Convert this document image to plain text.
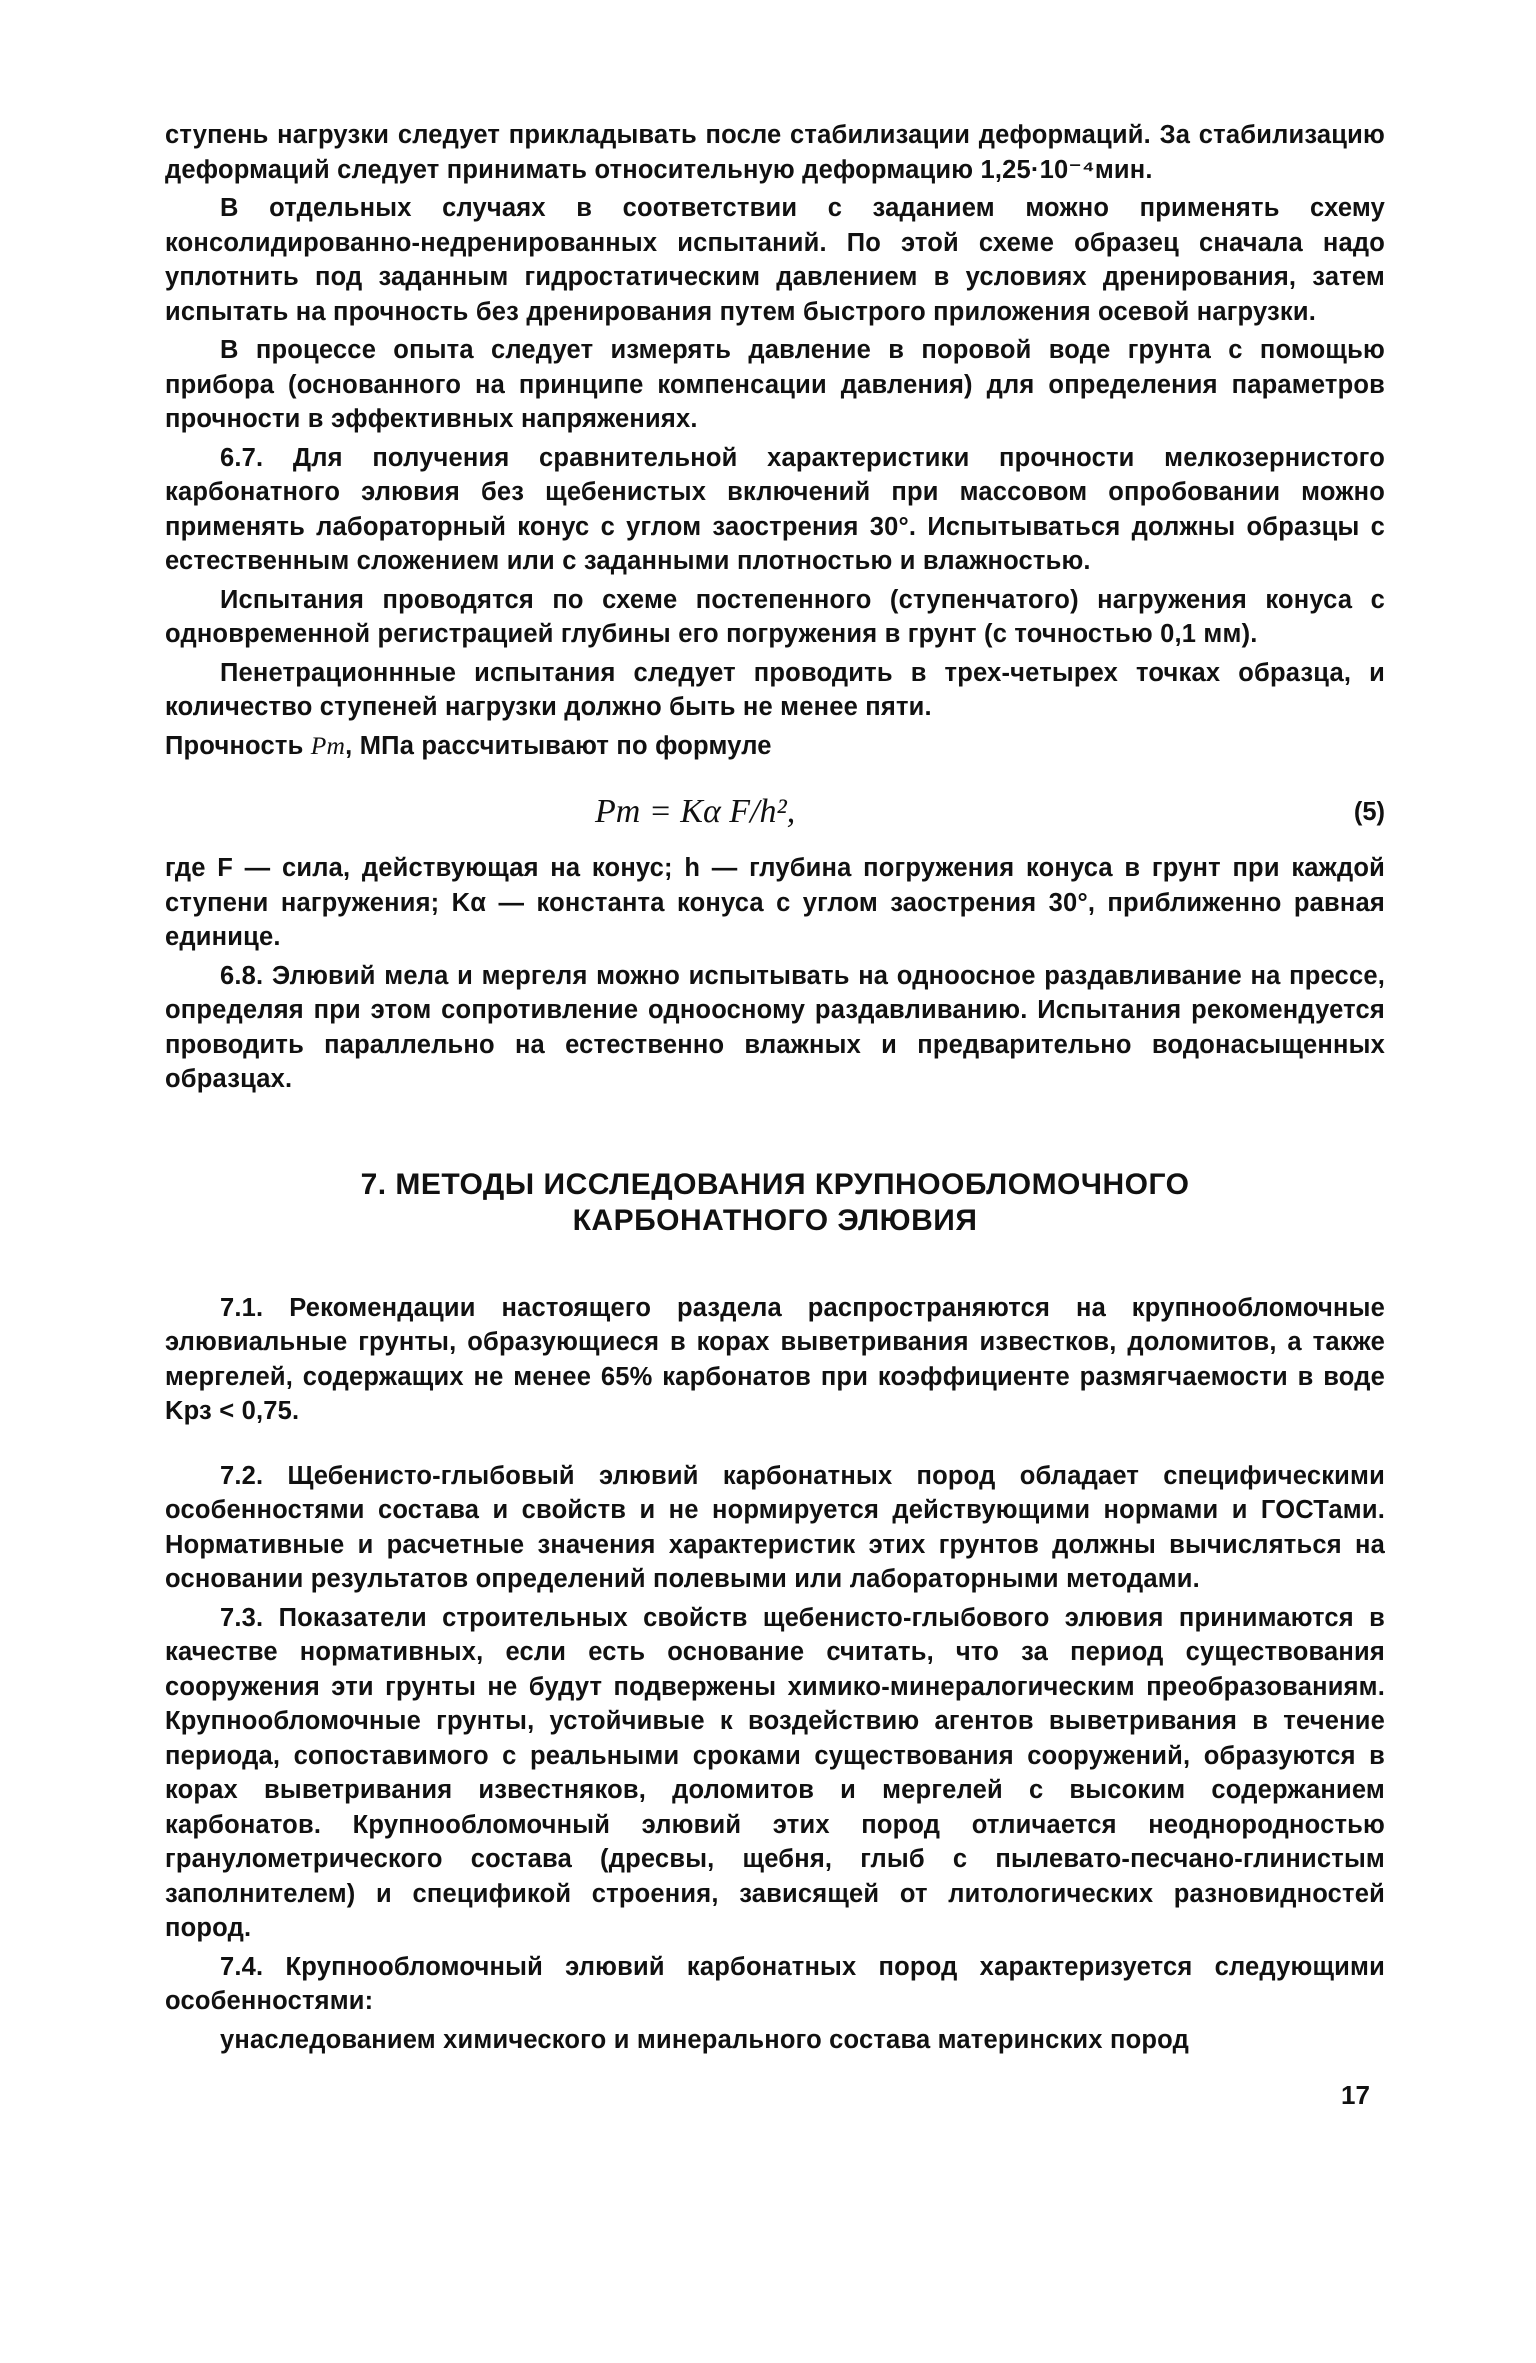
ступень нагрузки следует прикладывать после стабилизации деформаций. За стабилизацию деформаций следует принимать относительную деформацию 1,25·10⁻⁴мин.

В отдельных случаях в соответствии с заданием можно применять схему консолидированно-недренированных испытаний. По этой схеме образец сначала надо уплотнить под заданным гидростатическим давлением в условиях дренирования, затем испытать на прочность без дренирования путем быстрого приложения осевой нагрузки.

В процессе опыта следует измерять давление в поровой воде грунта с помощью прибора (основанного на принципе компенсации давления) для определения параметров прочности в эффективных напряжениях.

6.7. Для получения сравнительной характеристики прочности мелкозернистого карбонатного элювия без щебенистых включений при массовом опробовании можно применять лабораторный конус с углом заострения 30°. Испытываться должны образцы с естественным сложением или с заданными плотностью и влажностью.

Испытания проводятся по схеме постепенного (ступенчатого) нагружения конуса с одновременной регистрацией глубины его погружения в грунт (с точностью 0,1 мм).

Пенетрационнные испытания следует проводить в трех-четырех точках образца, и количество ступеней нагрузки должно быть не менее пяти.

Прочность Pm, МПа рассчитывают по формуле

Pm = Kα F/h²,	(5)

где F — сила, действующая на конус; h — глубина погружения конуса в грунт при каждой ступени нагружения; Kα — константа конуса с углом заострения 30°, приближенно равная единице.

6.8. Элювий мела и мергеля можно испытывать на одноосное раздавливание на прессе, определяя при этом сопротивление одноосному раздавливанию. Испытания рекомендуется проводить параллельно на естественно влажных и предварительно водонасыщенных образцах.

7. МЕТОДЫ ИССЛЕДОВАНИЯ КРУПНООБЛОМОЧНОГО
КАРБОНАТНОГО ЭЛЮВИЯ

7.1. Рекомендации настоящего раздела распространяются на крупнообломочные элювиальные грунты, образующиеся в корах выветривания известков, доломитов, а также мергелей, содержащих не менее 65% карбонатов при коэффициенте размягчаемости в воде Kрз < 0,75.

7.2. Щебенисто-глыбовый элювий карбонатных пород обладает специфическими особенностями состава и свойств и не нормируется действующими нормами и ГОСТами. Нормативные и расчетные значения характеристик этих грунтов должны вычисляться на основании результатов определений полевыми или лабораторными методами.

7.3. Показатели строительных свойств щебенисто-глыбового элювия принимаются в качестве нормативных, если есть основание считать, что за период существования сооружения эти грунты не будут подвержены химико-минералогическим преобразованиям. Крупнообломочные грунты, устойчивые к воздействию агентов выветривания в течение периода, сопоставимого с реальными сроками существования сооружений, образуются в корах выветривания известняков, доломитов и мергелей с высоким содержанием карбонатов. Крупнообломочный элювий этих пород отличается неоднородностью гранулометрического состава (дресвы, щебня, глыб с пылевато-песчано-глинистым заполнителем) и спецификой строения, зависящей от литологических разновидностей пород.

7.4. Крупнообломочный элювий карбонатных пород характеризуется следующими особенностями:

унаследованием химического и минерального состава материнских пород

17
